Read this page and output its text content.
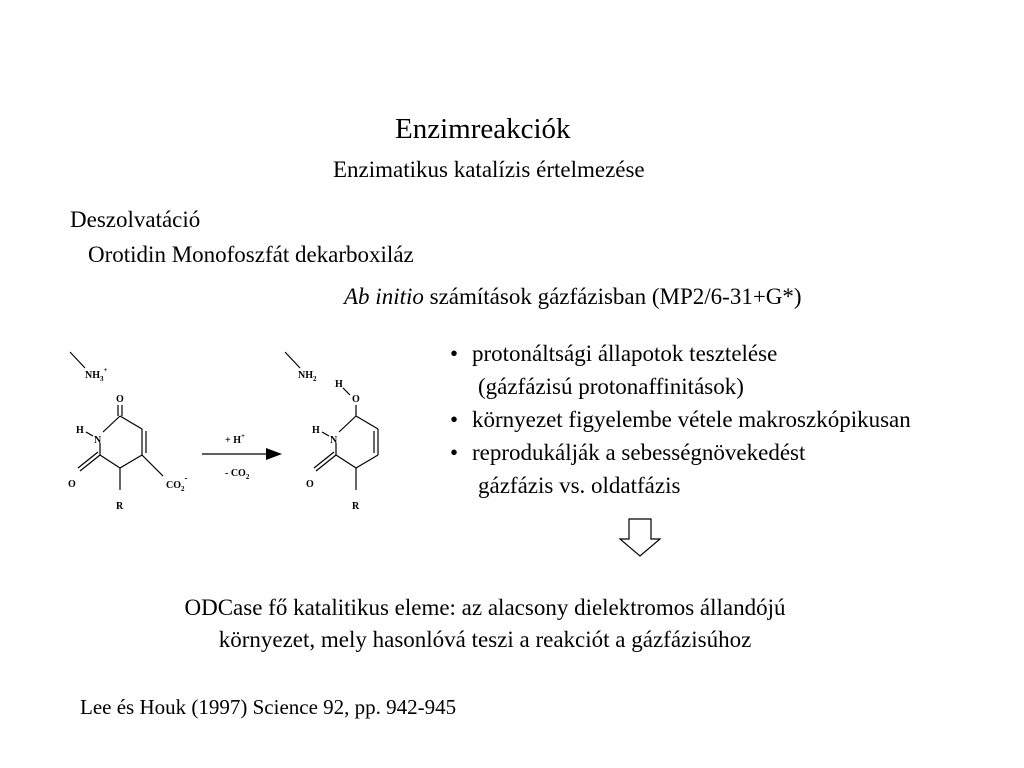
Enzimreakciók
Enzimatikus katalízis értelmezése
Deszolvatáció
Orotidin Monofoszfát dekarboxiláz
Ab initio számítások gázfázisban (MP2/6-31+G*)
$NH_3^+$
O
H
N
O	$CO_2-$
R
+ H+
- $CO_2$
$NH_2$ H
O
H
N
O
R
• protonáltsági állapotok tesztelése
(gázfázisú protonaffinitások)
• környezet figyelembe vétele makroszkópikusan
• reprodukálják a sebességnövekedést
gázfázis vs. oldatfázis
ODCase fő katalitikus eleme: az alacsony dielektromos állandójú
környezet, mely hasonlóvá teszi a reakciót a gázfázisúhoz
Lee és Houk (1997) Science 92, pp. 942-945
